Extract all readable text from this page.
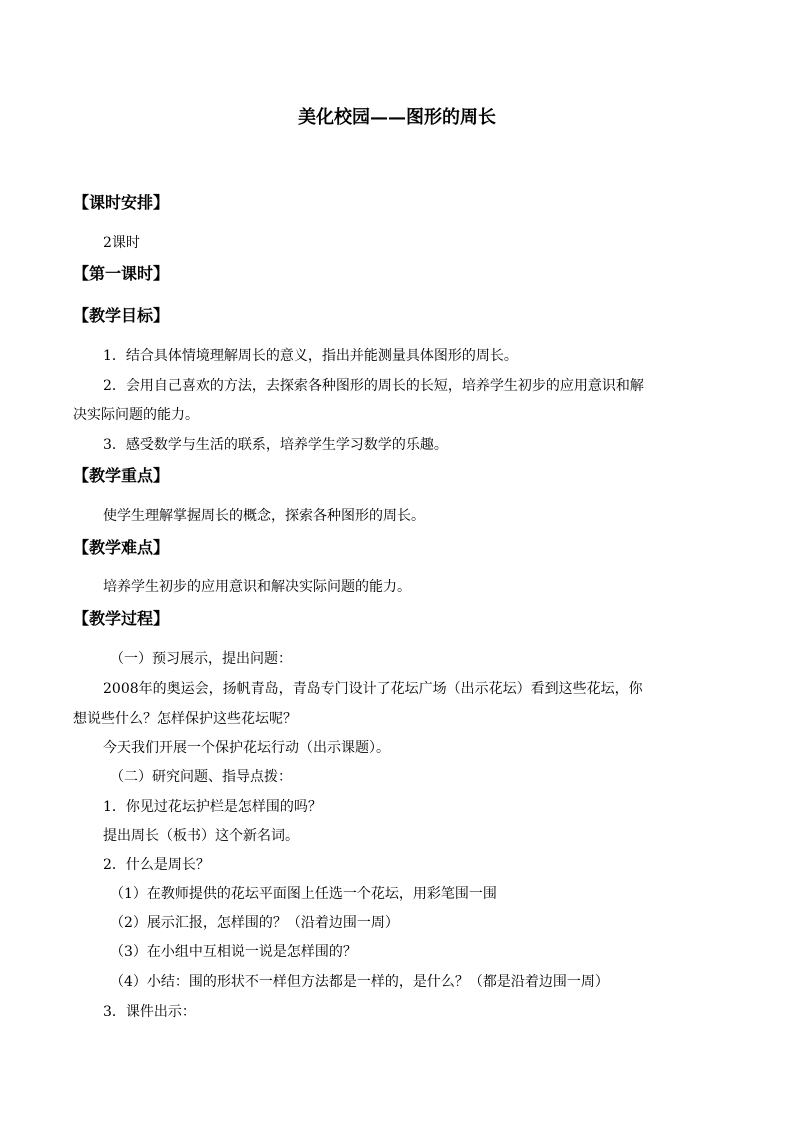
美化校园——图形的周长
【课时安排】
2课时
【第一课时】
【教学目标】
1．结合具体情境理解周长的意义，指出并能测量具体图形的周长。
2．会用自己喜欢的方法，去探索各种图形的周长的长短，培养学生初步的应用意识和解
决实际问题的能力。
3．感受数学与生活的联系，培养学生学习数学的乐趣。
【教学重点】
使学生理解掌握周长的概念，探索各种图形的周长。
【教学难点】
培养学生初步的应用意识和解决实际问题的能力。
【教学过程】
（一）预习展示，提出问题：
2008年的奥运会，扬帆青岛，青岛专门设计了花坛广场（出示花坛）看到这些花坛，你
想说些什么？怎样保护这些花坛呢？
今天我们开展一个保护花坛行动（出示课题）。
（二）研究问题、指导点拨：
1．你见过花坛护栏是怎样围的吗？
提出周长（板书）这个新名词。
2．什么是周长？
（1）在教师提供的花坛平面图上任选一个花坛，用彩笔围一围
（2）展示汇报，怎样围的？（沿着边围一周）
（3）在小组中互相说一说是怎样围的？
（4）小结：围的形状不一样但方法都是一样的，是什么？（都是沿着边围一周）
3．课件出示：
